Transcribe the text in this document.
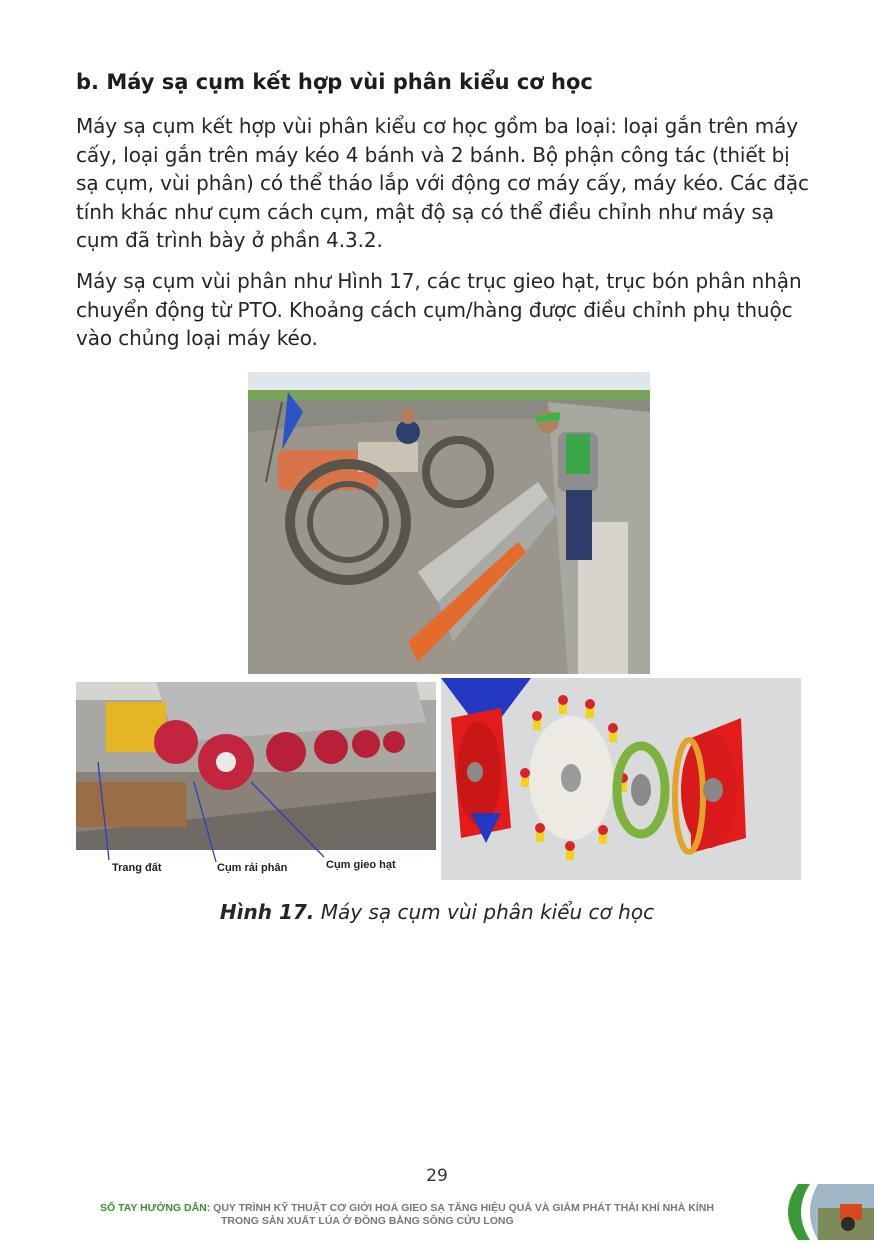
b. Máy sạ cụm kết hợp vùi phân kiểu cơ học

Máy sạ cụm kết hợp vùi phân kiểu cơ học gồm ba loại: loại gắn trên máy cấy, loại gắn trên máy kéo 4 bánh và 2 bánh. Bộ phận công tác (thiết bị sạ cụm, vùi phân) có thể tháo lắp với động cơ máy cấy, máy kéo. Các đặc tính khác như cụm cách cụm, mật độ sạ có thể điều chỉnh như máy sạ cụm đã trình bày ở phần 4.3.2.

Máy sạ cụm vùi phân như Hình 17, các trục gieo hạt, trục bón phân nhận chuyển động từ PTO. Khoảng cách cụm/hàng được điều chỉnh phụ thuộc vào chủng loại máy kéo.

Trang đất	Cụm rải phân	Cụm gieo hạt
Hình 17. Máy sạ cụm vùi phân kiểu cơ học
29
SỔ TAY HƯỚNG DẪN: QUY TRÌNH KỸ THUẬT CƠ GIỚI HOÁ GIEO SẠ TĂNG HIỆU QUẢ VÀ GIẢM PHÁT THẢI KHÍ NHÀ KÍNH
TRONG SẢN XUẤT LÚA Ở ĐỒNG BẰNG SÔNG CỬU LONG
